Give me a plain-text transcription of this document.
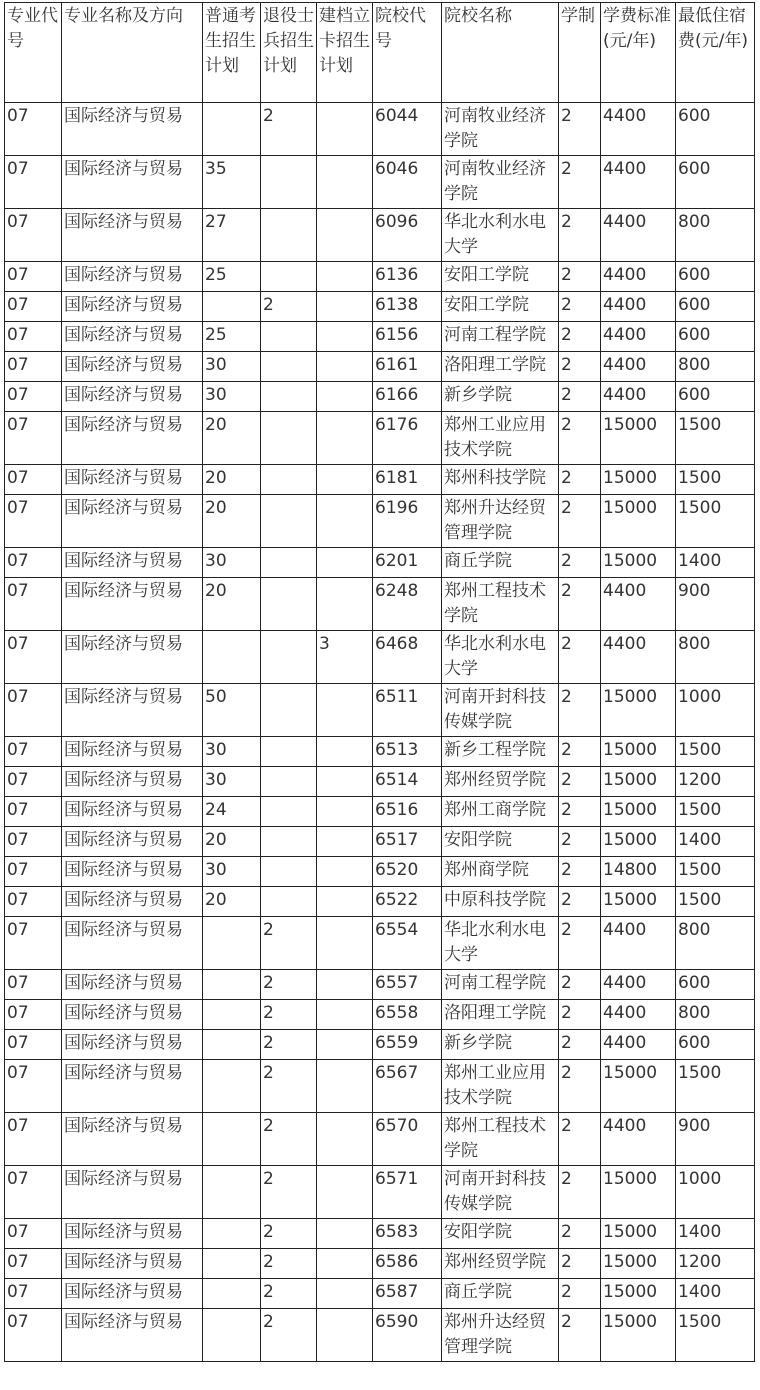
专业代号	专业名称及方向	普通考生招生计划	退役士兵招生计划	建档立卡招生计划	院校代号	院校名称	学制	学费标准(元/年)	最低住宿费(元/年)
07	国际经济与贸易		2		6044	河南牧业经济学院	2	4400	600
07	国际经济与贸易	35			6046	河南牧业经济学院	2	4400	600
07	国际经济与贸易	27			6096	华北水利水电大学	2	4400	800
07	国际经济与贸易	25			6136	安阳工学院	2	4400	600
07	国际经济与贸易		2		6138	安阳工学院	2	4400	600
07	国际经济与贸易	25			6156	河南工程学院	2	4400	600
07	国际经济与贸易	30			6161	洛阳理工学院	2	4400	800
07	国际经济与贸易	30			6166	新乡学院	2	4400	600
07	国际经济与贸易	20			6176	郑州工业应用技术学院	2	15000	1500
07	国际经济与贸易	20			6181	郑州科技学院	2	15000	1500
07	国际经济与贸易	20			6196	郑州升达经贸管理学院	2	15000	1500
07	国际经济与贸易	30			6201	商丘学院	2	15000	1400
07	国际经济与贸易	20			6248	郑州工程技术学院	2	4400	900
07	国际经济与贸易			3	6468	华北水利水电大学	2	4400	800
07	国际经济与贸易	50			6511	河南开封科技传媒学院	2	15000	1000
07	国际经济与贸易	30			6513	新乡工程学院	2	15000	1500
07	国际经济与贸易	30			6514	郑州经贸学院	2	15000	1200
07	国际经济与贸易	24			6516	郑州工商学院	2	15000	1500
07	国际经济与贸易	20			6517	安阳学院	2	15000	1400
07	国际经济与贸易	30			6520	郑州商学院	2	14800	1500
07	国际经济与贸易	20			6522	中原科技学院	2	15000	1500
07	国际经济与贸易		2		6554	华北水利水电大学	2	4400	800
07	国际经济与贸易		2		6557	河南工程学院	2	4400	600
07	国际经济与贸易		2		6558	洛阳理工学院	2	4400	800
07	国际经济与贸易		2		6559	新乡学院	2	4400	600
07	国际经济与贸易		2		6567	郑州工业应用技术学院	2	15000	1500
07	国际经济与贸易		2		6570	郑州工程技术学院	2	4400	900
07	国际经济与贸易		2		6571	河南开封科技传媒学院	2	15000	1000
07	国际经济与贸易		2		6583	安阳学院	2	15000	1400
07	国际经济与贸易		2		6586	郑州经贸学院	2	15000	1200
07	国际经济与贸易		2		6587	商丘学院	2	15000	1400
07	国际经济与贸易		2		6590	郑州升达经贸管理学院	2	15000	1500
